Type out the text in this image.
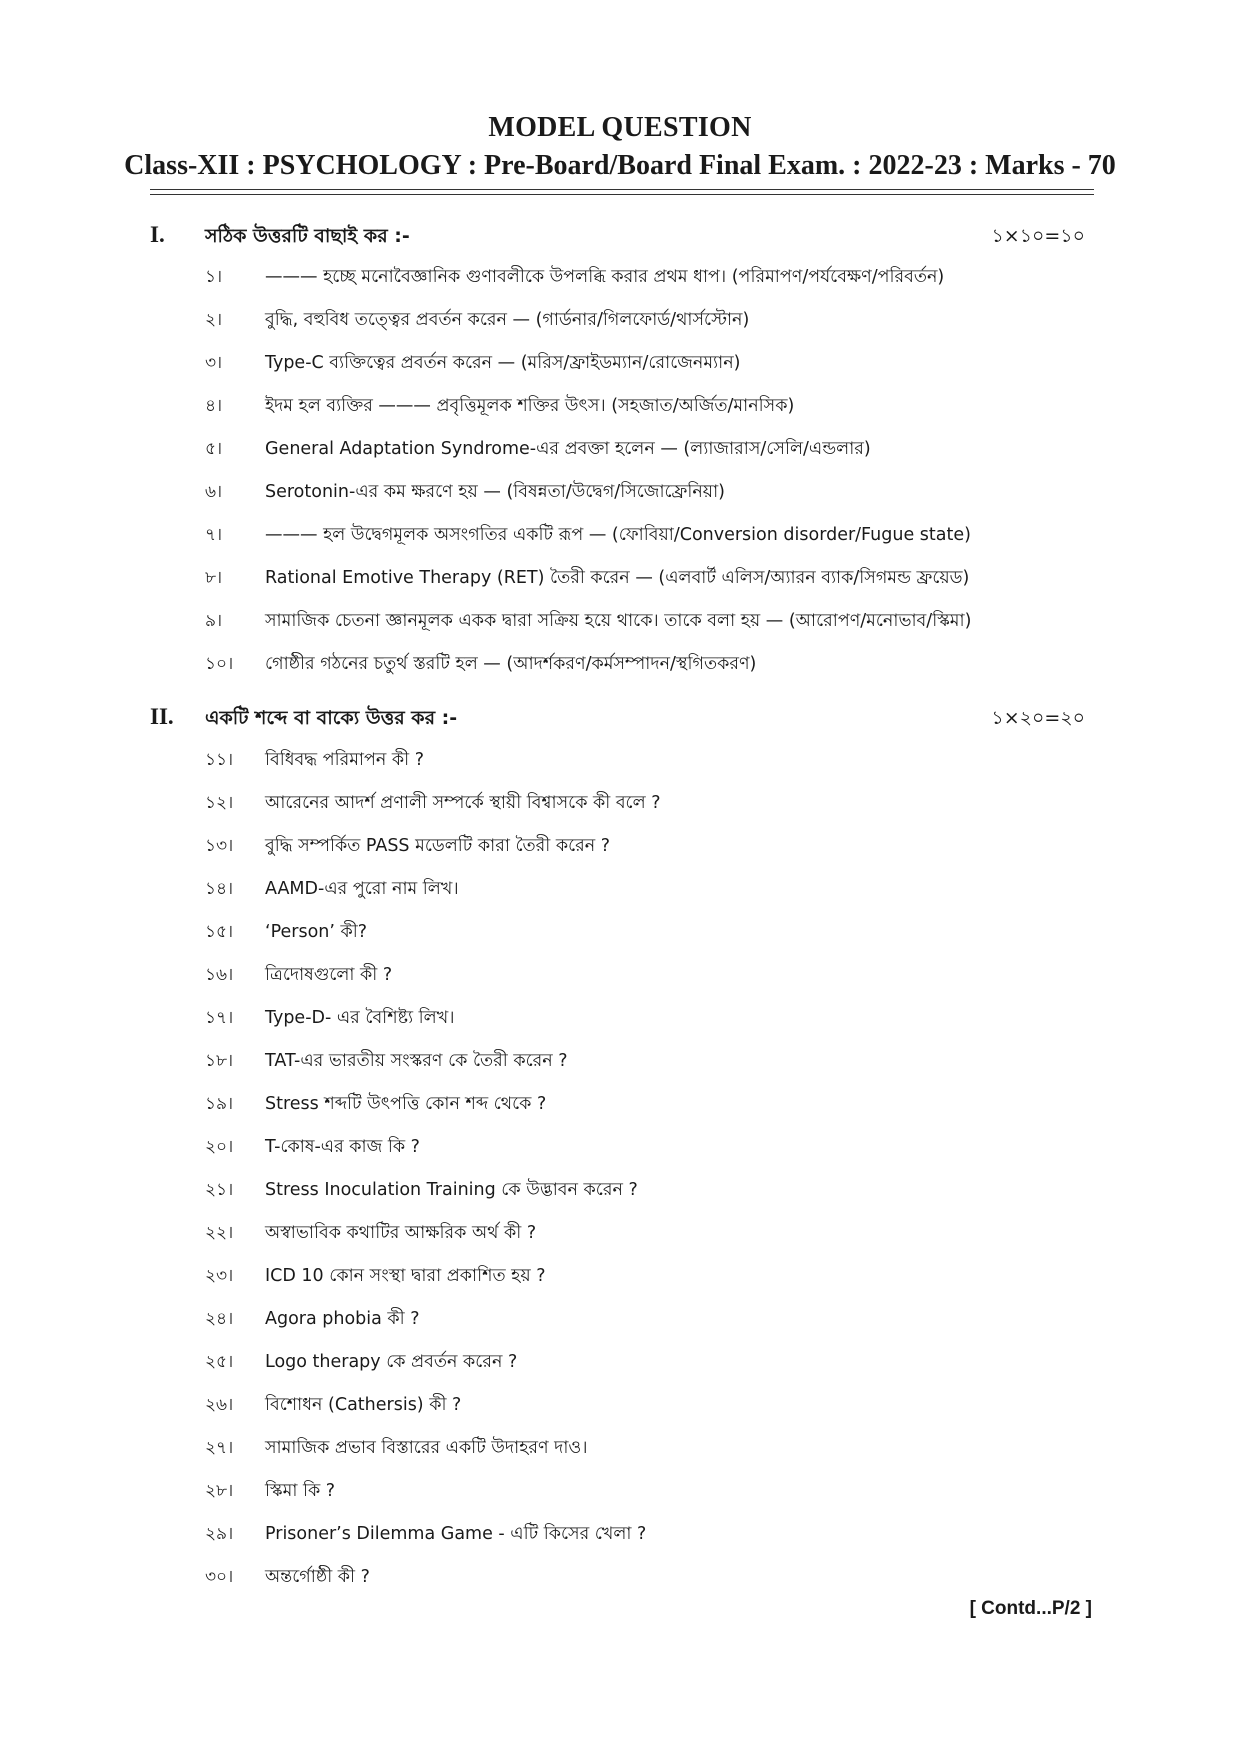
MODEL QUESTION
Class-XII : PSYCHOLOGY : Pre-Board/Board Final Exam. : 2022-23 : Marks - 70
I. সঠিক উত্তরটি বাছাই কর :-	১×১০=১০
১।	——— হচ্ছে মনোবৈজ্ঞানিক গুণাবলীকে উপলব্ধি করার প্রথম ধাপ। (পরিমাপণ/পর্যবেক্ষণ/পরিবর্তন)
২।	বুদ্ধি, বহুবিধ তত্ত্বের প্রবর্তন করেন — (গার্ডনার/গিলফোর্ড/থার্সস্টোন)
৩।	Type-C ব্যক্তিত্বের প্রবর্তন করেন — (মরিস/ফ্রাইডম্যান/রোজেনম্যান)
৪।	ইদম হল ব্যক্তির ——— প্রবৃত্তিমূলক শক্তির উৎস। (সহজাত/অর্জিত/মানসিক)
৫।	General Adaptation Syndrome-এর প্রবক্তা হলেন — (ল্যাজারাস/সেলি/এন্ডলার)
৬।	Serotonin-এর কম ক্ষরণে হয় — (বিষন্নতা/উদ্বেগ/সিজোফ্রেনিয়া)
৭।	——— হল উদ্বেগমূলক অসংগতির একটি রূপ — (ফোবিয়া/Conversion disorder/Fugue state)
৮।	Rational Emotive Therapy (RET) তৈরী করেন — (এলবার্ট এলিস/অ্যারন ব্যাক/সিগমন্ড ফ্রয়েড)
৯।	সামাজিক চেতনা জ্ঞানমূলক একক দ্বারা সক্রিয় হয়ে থাকে। তাকে বলা হয় — (আরোপণ/মনোভাব/স্কিমা)
১০।	গোষ্ঠীর গঠনের চতুর্থ স্তরটি হল — (আদর্শকরণ/কর্মসম্পাদন/স্থগিতকরণ)
II. একটি শব্দে বা বাক্যে উত্তর কর :-	১×২০=২০
১১।	বিধিবদ্ধ পরিমাপন কী ?
১২।	আরেনের আদর্শ প্রণালী সম্পর্কে স্থায়ী বিশ্বাসকে কী বলে ?
১৩।	বুদ্ধি সম্পর্কিত PASS মডেলটি কারা তৈরী করেন ?
১৪।	AAMD-এর পুরো নাম লিখ।
১৫।	‘Person’ কী?
১৬।	ত্রিদোষগুলো কী ?
১৭।	Type-D- এর বৈশিষ্ট্য লিখ।
১৮।	TAT-এর ভারতীয় সংস্করণ কে তৈরী করেন ?
১৯।	Stress শব্দটি উৎপত্তি কোন শব্দ থেকে ?
২০।	T-কোষ-এর কাজ কি ?
২১।	Stress Inoculation Training কে উদ্ভাবন করেন ?
২২।	অস্বাভাবিক কথাটির আক্ষরিক অর্থ কী ?
২৩।	ICD 10 কোন সংস্থা দ্বারা প্রকাশিত হয় ?
২৪।	Agora phobia কী ?
২৫।	Logo therapy কে প্রবর্তন করেন ?
২৬।	বিশোধন (Cathersis) কী ?
২৭।	সামাজিক প্রভাব বিস্তারের একটি উদাহরণ দাও।
২৮।	স্কিমা কি ?
২৯।	Prisoner’s Dilemma Game - এটি কিসের খেলা ?
৩০।	অন্তর্গোষ্ঠী কী ?
[ Contd...P/2 ]
